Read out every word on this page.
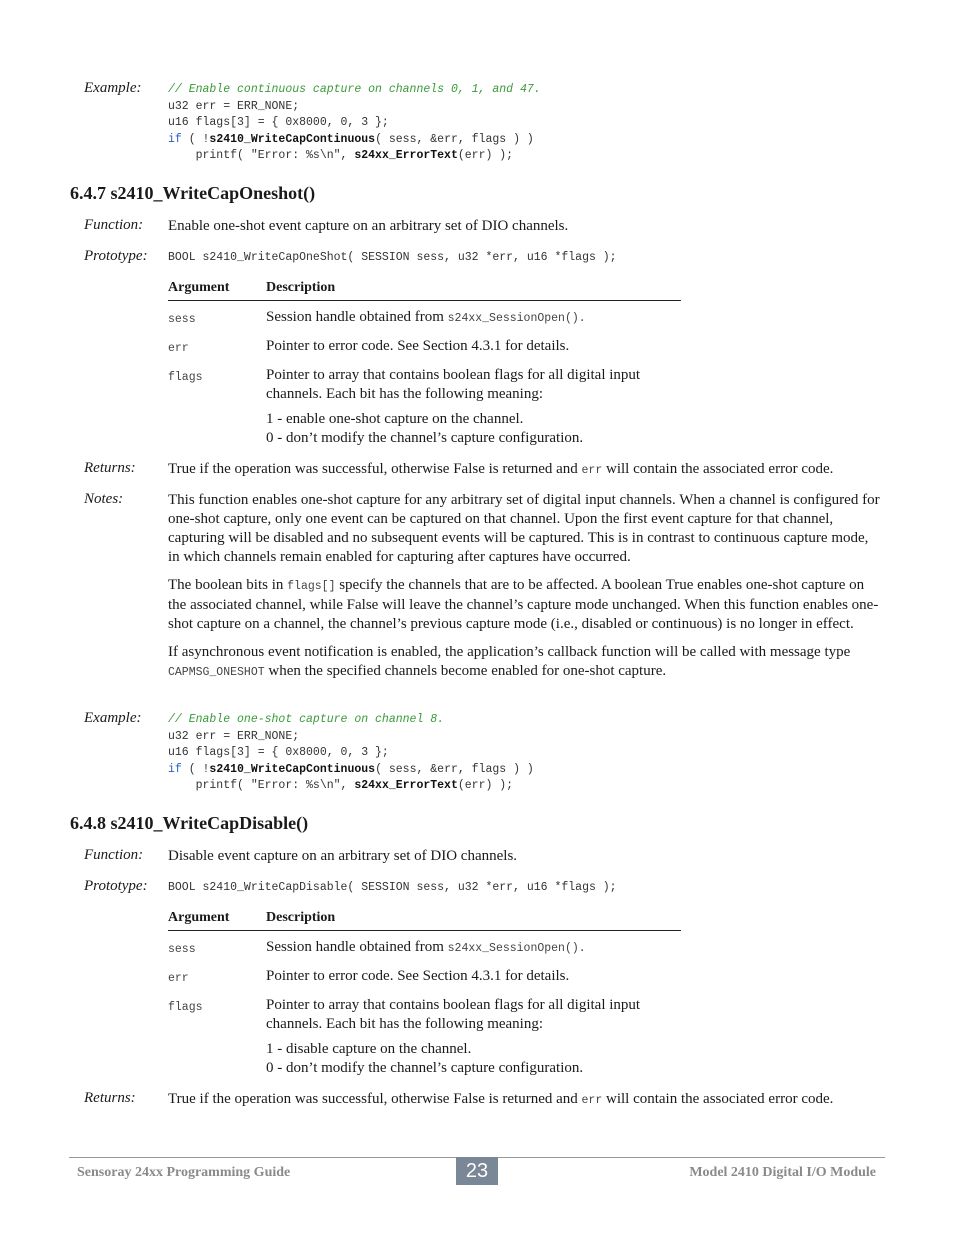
Example: // Enable continuous capture on channels 0, 1, and 47.
u32 err = ERR_NONE;
u16 flags[3] = { 0x8000, 0, 3 };
if ( !s2410_WriteCapContinuous( sess, &err, flags ) )
printf( "Error: %s\n", s24xx_ErrorText(err) );
6.4.7 s2410_WriteCapOneshot()
Function: Enable one-shot event capture on an arbitrary set of DIO channels.
Prototype: BOOL s2410_WriteCapOneShot( SESSION sess, u32 *err, u16 *flags );
Argument	Description

sess	Session handle obtained from s24xx_SessionOpen().

err	Pointer to error code. See Section 4.3.1 for details.

flags	Pointer to array that contains boolean flags for all digital input channels. Each bit has the following meaning:

1 - enable one-shot capture on the channel.

0 - don’t modify the channel’s capture configuration.

Returns: True if the operation was successful, otherwise False is returned and err will contain the associated error code.
Notes:	This function enables one-shot capture for any arbitrary set of digital input channels. When a channel is configured for one-shot capture, only one event can be captured on that channel. Upon the first event capture for that channel, capturing will be disabled and no subsequent events will be captured. This is in contrast to continuous capture mode, in which channels remain enabled for capturing after captures have occurred.

The boolean bits in flags[] specify the channels that are to be affected. A boolean True enables one-shot capture on the associated channel, while False will leave the channel’s capture mode unchanged. When this function enables one-shot capture on a channel, the channel’s previous capture mode (i.e., disabled or continuous) is no longer in effect.

If asynchronous event notification is enabled, the application’s callback function will be called with message type CAPMSG_ONESHOT when the specified channels become enabled for one-shot capture.

Example: // Enable one-shot capture on channel 8.
u32 err = ERR_NONE;
u16 flags[3] = { 0x8000, 0, 3 };
if ( !s2410_WriteCapContinuous( sess, &err, flags ) )
printf( "Error: %s\n", s24xx_ErrorText(err) );
6.4.8 s2410_WriteCapDisable()
Function: Disable event capture on an arbitrary set of DIO channels.
Prototype: BOOL s2410_WriteCapDisable( SESSION sess, u32 *err, u16 *flags );
Argument	Description

sess	Session handle obtained from s24xx_SessionOpen().

err	Pointer to error code. See Section 4.3.1 for details.

flags	Pointer to array that contains boolean flags for all digital input channels. Each bit has the following meaning:

1 - disable capture on the channel.

0 - don’t modify the channel’s capture configuration.

Returns: True if the operation was successful, otherwise False is returned and err will contain the associated error code.
Sensoray 24xx Programming Guide	23	Model 2410 Digital I/O Module
